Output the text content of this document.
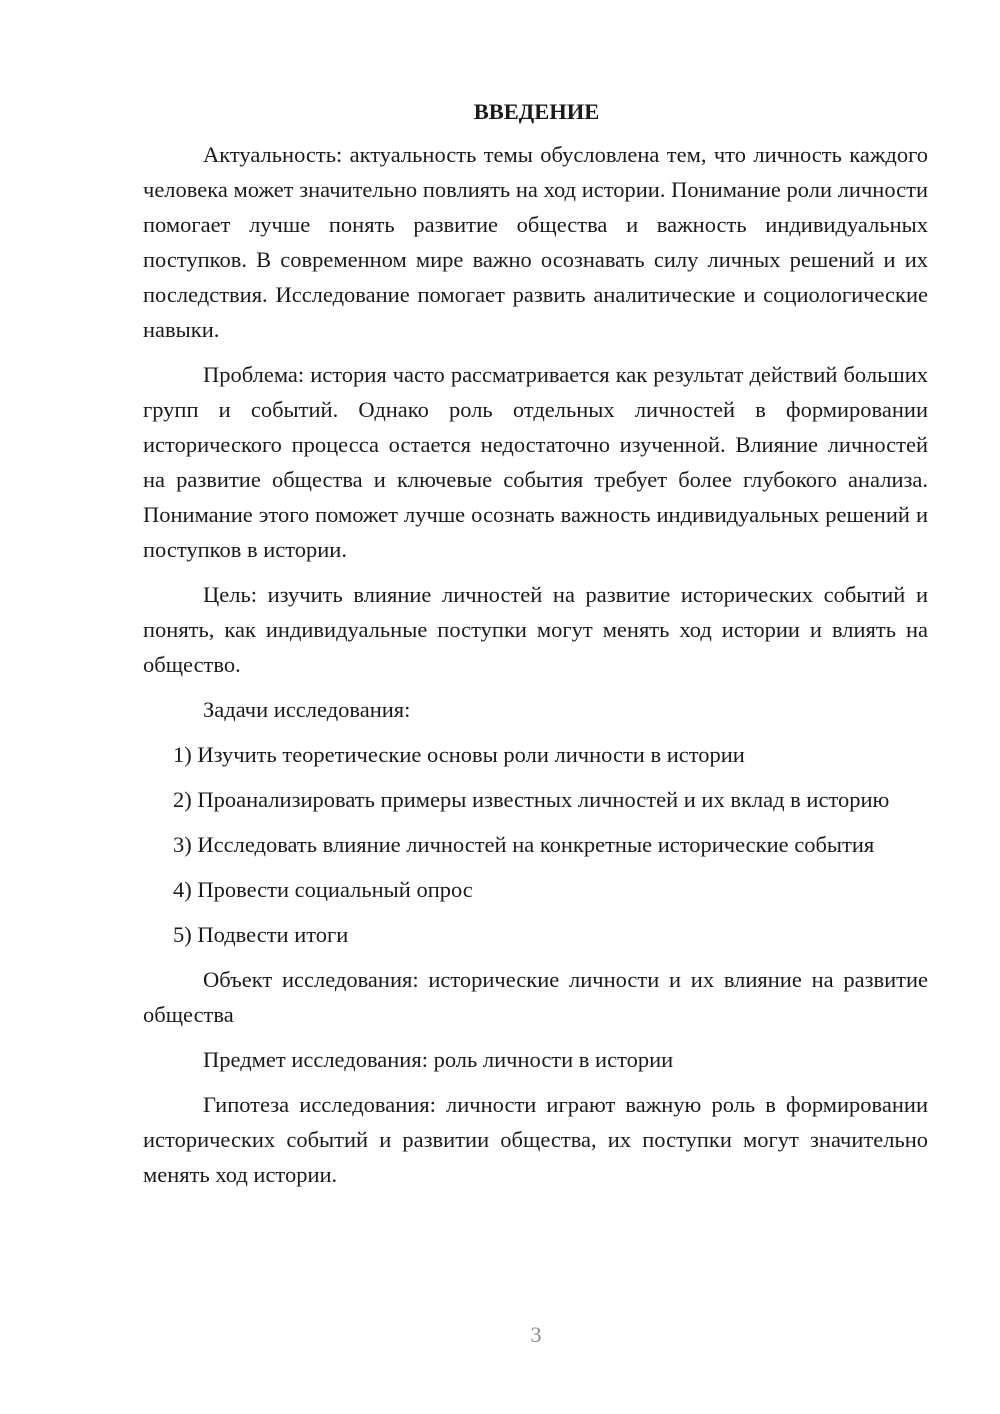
ВВЕДЕНИЕ

Актуальность: актуальность темы обусловлена тем, что личность каждого человека может значительно повлиять на ход истории. Понимание роли личности помогает лучше понять развитие общества и важность индивидуальных поступков. В современном мире важно осознавать силу личных решений и их последствия. Исследование помогает развить аналитические и социологические навыки.

Проблема: история часто рассматривается как результат действий больших групп и событий. Однако роль отдельных личностей в формировании исторического процесса остается недостаточно изученной. Влияние личностей на развитие общества и ключевые события требует более глубокого анализа. Понимание этого поможет лучше осознать важность индивидуальных решений и поступков в истории.

Цель: изучить влияние личностей на развитие исторических событий и понять, как индивидуальные поступки могут менять ход истории и влиять на общество.

Задачи исследования:

1) Изучить теоретические основы роли личности в истории

2) Проанализировать примеры известных личностей и их вклад в историю

3) Исследовать влияние личностей на конкретные исторические события

4) Провести социальный опрос

5) Подвести итоги

Объект исследования: исторические личности и их влияние на развитие общества

Предмет исследования: роль личности в истории

Гипотеза исследования: личности играют важную роль в формировании исторических событий и развитии общества, их поступки могут значительно менять ход истории.

3
